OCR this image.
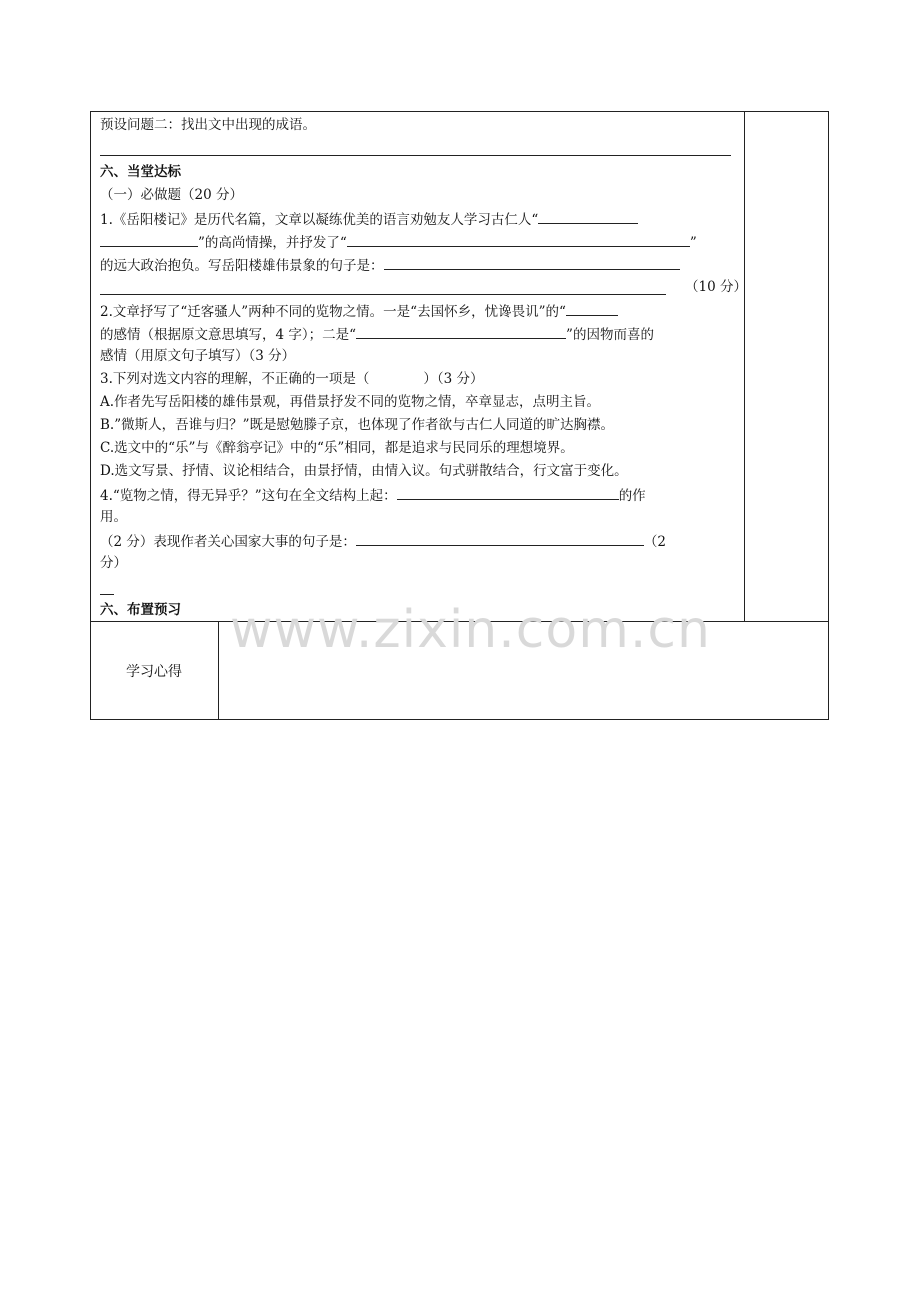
预设问题二：找出文中出现的成语。
六、当堂达标
（一）必做题（20 分）
1.《岳阳楼记》是历代名篇，文章以凝练优美的语言劝勉友人学习古仁人“
”的高尚情操，并抒发了“	”
的远大政治抱负。写岳阳楼雄伟景象的句子是：
（10 分）
2.文章抒写了“迁客骚人”两种不同的览物之情。一是“去国怀乡，忧谗畏讥”的“
的感情（根据原文意思填写，4 字）；二是“	”的因物而喜的
感情（用原文句子填写）（3 分）
3.下列对选文内容的理解，不正确的一项是（　　　　）（3 分）
A.作者先写岳阳楼的雄伟景观，再借景抒发不同的览物之情，卒章显志，点明主旨。
B.”微斯人，吾谁与归？”既是慰勉滕子京，也体现了作者欲与古仁人同道的旷达胸襟。
C.选文中的“乐”与《醉翁亭记》中的“乐”相同，都是追求与民同乐的理想境界。
D.选文写景、抒情、议论相结合，由景抒情，由情入议。句式骈散结合，行文富于变化。
4.“览物之情，得无异乎？”这句在全文结构上起：	的作
用。
（2 分）表现作者关心国家大事的句子是：	（2
分）
六、布置预习
学习心得
www.zixin.com.cn
